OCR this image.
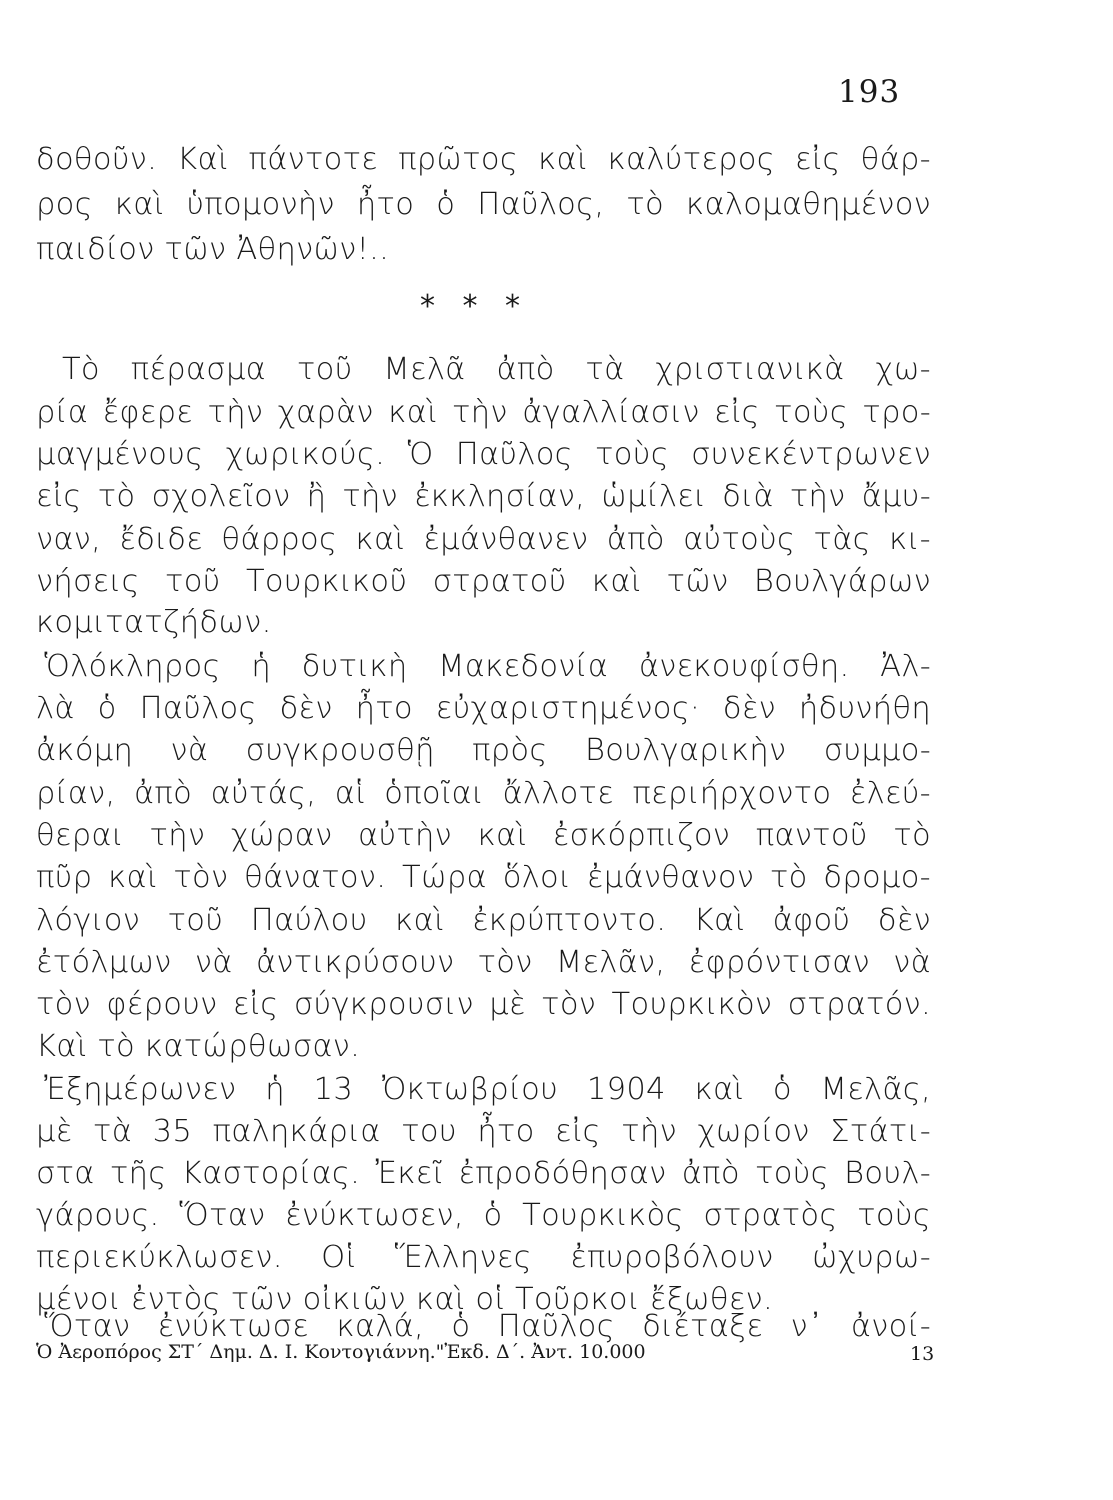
193
δοθοῦν. Καὶ πάντοτε πρῶτος καὶ καλύτερος εἰς θάρ-
ρος καὶ ὑπομονὴν ἦτο ὁ Παῦλος, τὸ καλομαθημένον
παιδίον τῶν Ἀθηνῶν!..
* * *
Τὸ πέρασμα τοῦ Μελᾶ ἀπὸ τὰ χριστιανικὰ χω-
ρία ἔφερε τὴν χαρὰν καὶ τὴν ἀγαλλίασιν εἰς τοὺς τρο-
μαγμένους χωρικούς. Ὁ Παῦλος τοὺς συνεκέντρωνεν
εἰς τὸ σχολεῖον ἢ τὴν ἐκκλησίαν, ὡμίλει διὰ τὴν ἄμυ-
ναν, ἔδιδε θάρρος καὶ ἐμάνθανεν ἀπὸ αὐτοὺς τὰς κι-
νήσεις τοῦ Τουρκικοῦ στρατοῦ καὶ τῶν Βουλγάρων
κομιτατζήδων.
Ὁλόκληρος ἡ δυτικὴ Μακεδονία ἀνεκουφίσθη. Ἀλ-
λὰ ὁ Παῦλος δὲν ἦτο εὐχαριστημένος· δὲν ἠδυνήθη
ἀκόμη νὰ συγκρουσθῇ πρὸς Βουλγαρικὴν συμμο-
ρίαν, ἀπὸ αὐτάς, αἱ ὁποῖαι ἄλλοτε περιήρχοντο ἐλεύ-
θεραι τὴν χώραν αὐτὴν καὶ ἐσκόρπιζον παντοῦ τὸ
πῦρ καὶ τὸν θάνατον. Τώρα ὅλοι ἐμάνθανον τὸ δρομο-
λόγιον τοῦ Παύλου καὶ ἐκρύπτοντο. Καὶ ἀφοῦ δὲν
ἐτόλμων νὰ ἀντικρύσουν τὸν Μελᾶν, ἐφρόντισαν νὰ
τὸν φέρουν εἰς σύγκρουσιν μὲ τὸν Τουρκικὸν στρατόν.
Καὶ τὸ κατώρθωσαν.
Ἐξημέρωνεν ἡ 13 Ὀκτωβρίου 1904 καὶ ὁ Μελᾶς,
μὲ τὰ 35 παληκάρια του ἦτο εἰς τὴν χωρίον Στάτι-
στα τῆς Καστορίας. Ἐκεῖ ἐπροδόθησαν ἀπὸ τοὺς Βουλ-
γάρους. Ὅταν ἐνύκτωσεν, ὁ Τουρκικὸς στρατὸς τοὺς
περιεκύκλωσεν. Οἱ Ἕλληνες ἐπυροβόλουν ὠχυρω-
μένοι ἐντὸς τῶν οἰκιῶν καὶ οἱ Τοῦρκοι ἔξωθεν.
Ὅταν ἐνύκτωσε καλά, ὁ Παῦλος διέταξε ν᾽ ἀνοί-
Ὁ Ἀεροπόρος ΣΤ΄ Δημ. Δ. Ι. Κοντογιάννη."Ἐκδ. Δ΄. Ἀντ. 10.000	13
